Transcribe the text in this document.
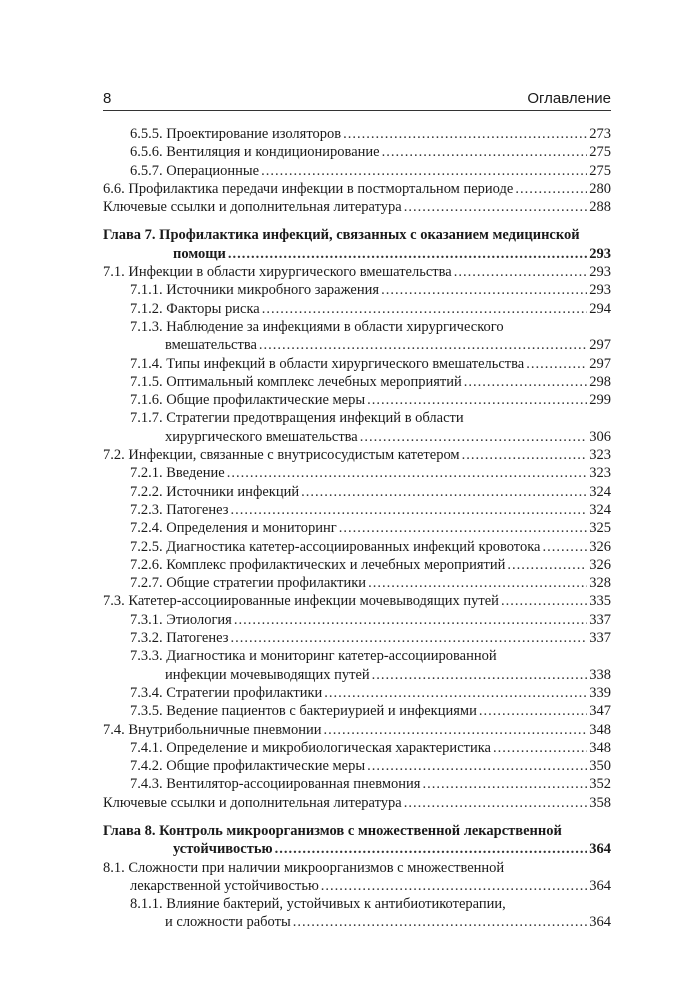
8	Оглавление
6.5.5. Проектирование изоляторов .....	273
6.5.6. Вентиляция и кондиционирование .....	275
6.5.7. Операционные .....	275
6.6. Профилактика передачи инфекции в постмортальном периоде .....	280
Ключевые ссылки и дополнительная литература .....	288
Глава 7. Профилактика инфекций, связанных с оказанием медицинской
помощи .....	293
7.1. Инфекции в области хирургического вмешательства .....	293
7.1.1. Источники микробного заражения .....	293
7.1.2. Факторы риска .....	294
7.1.3. Наблюдение за инфекциями в области хирургического
вмешательства .....	297
7.1.4. Типы инфекций в области хирургического вмешательства .....	297
7.1.5. Оптимальный комплекс лечебных мероприятий .....	298
7.1.6. Общие профилактические меры .....	299
7.1.7. Стратегии предотвращения инфекций в области
хирургического вмешательства .....	306
7.2. Инфекции, связанные с внутрисосудистым катетером .....	323
7.2.1. Введение .....	323
7.2.2. Источники инфекций .....	324
7.2.3. Патогенез .....	324
7.2.4. Определения и мониторинг .....	325
7.2.5. Диагностика катетер-ассоциированных инфекций кровотока .....	326
7.2.6. Комплекс профилактических и лечебных мероприятий .....	326
7.2.7. Общие стратегии профилактики .....	328
7.3. Катетер-ассоциированные инфекции мочевыводящих путей .....	335
7.3.1. Этиология .....	337
7.3.2. Патогенез .....	337
7.3.3. Диагностика и мониторинг катетер-ассоциированной
инфекции мочевыводящих путей .....	338
7.3.4. Стратегии профилактики .....	339
7.3.5. Ведение пациентов с бактериурией и инфекциями .....	347
7.4. Внутрибольничные пневмонии .....	348
7.4.1. Определение и микробиологическая характеристика .....	348
7.4.2. Общие профилактические меры .....	350
7.4.3. Вентилятор-ассоциированная пневмония .....	352
Ключевые ссылки и дополнительная литература .....	358
Глава 8. Контроль микроорганизмов с множественной лекарственной
устойчивостью .....	364
8.1. Сложности при наличии микроорганизмов с множественной
лекарственной устойчивостью .....	364
8.1.1. Влияние бактерий, устойчивых к антибиотикотерапии,
и сложности работы .....	364
